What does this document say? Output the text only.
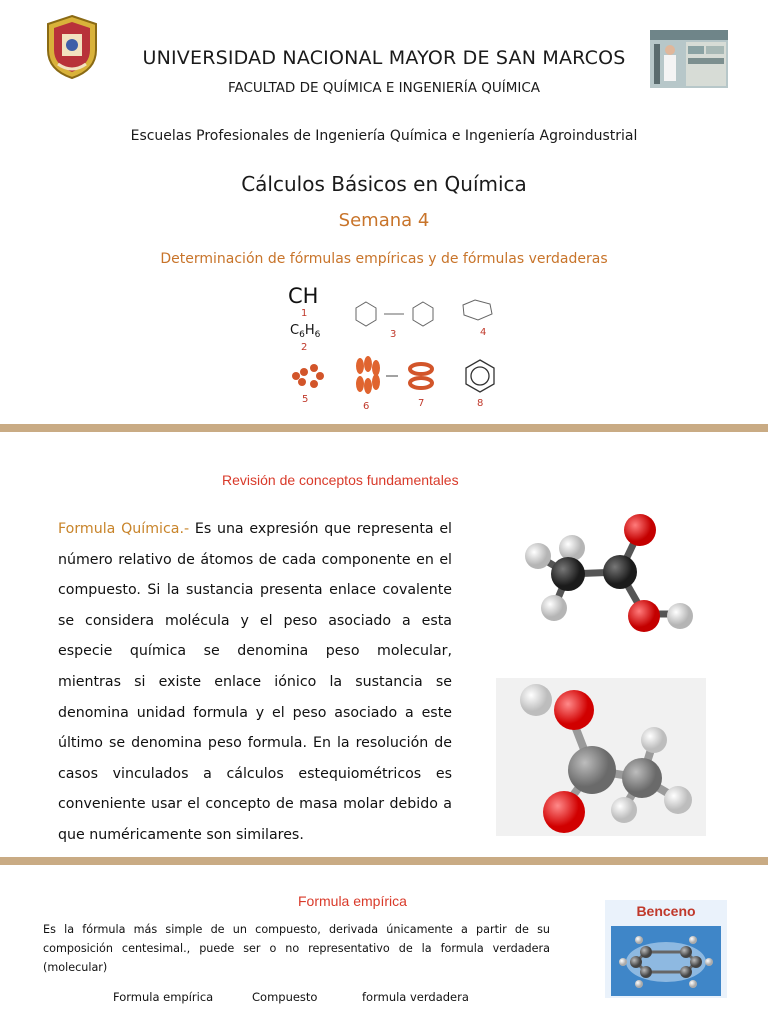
UNIVERSIDAD NACIONAL MAYOR DE SAN MARCOS
FACULTAD DE QUÍMICA E INGENIERÍA QUÍMICA
Escuelas Profesionales de Ingeniería Química e Ingeniería Agroindustrial
Cálculos Básicos en Química
Semana 4
Determinación de fórmulas empíricas y de fórmulas verdaderas
CH
1
$C_6H_6$
2
3	4
5
6	7	8
Revisión de conceptos fundamentales
Formula Química.- Es una expresión que representa el número relativo de átomos de cada componente en el compuesto. Si la sustancia presenta enlace covalente se considera molécula y el peso asociado a esta especie química se denomina peso molecular, mientras si existe enlace iónico la sustancia se denomina unidad formula y el peso asociado a este último se denomina peso formula. En la resolución de casos vinculados a cálculos estequiométricos es conveniente usar el concepto de masa molar debido a que numéricamente son similares.
Formula empírica
Es la fórmula más simple de un compuesto, derivada únicamente a partir de su composición centesimal., puede ser o no representativo de la formula verdadera (molecular)
Formula empírica	Compuesto	formula verdadera
Benceno
